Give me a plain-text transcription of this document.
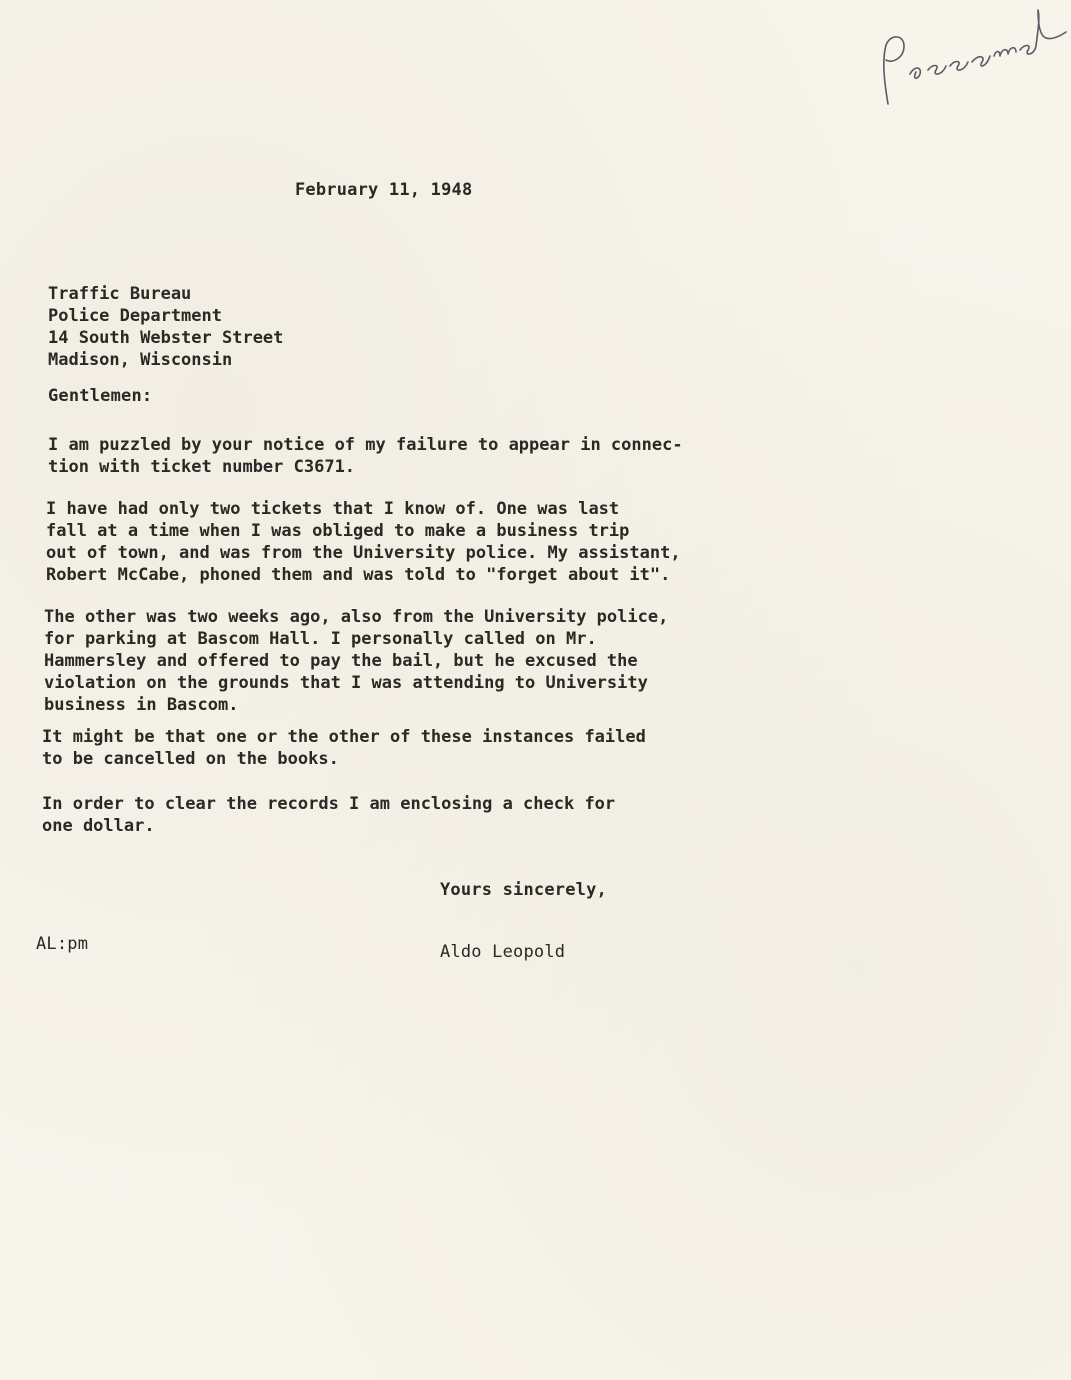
Personal
February 11, 1948
Traffic Bureau
Police Department
14 South Webster Street
Madison, Wisconsin
Gentlemen:
I am puzzled by your notice of my failure to appear in connec-
tion with ticket number C3671.
I have had only two tickets that I know of. One was last
fall at a time when I was obliged to make a business trip
out of town, and was from the University police. My assistant,
Robert McCabe, phoned them and was told to "forget about it".
The other was two weeks ago, also from the University police,
for parking at Bascom Hall. I personally called on Mr.
Hammersley and offered to pay the bail, but he excused the
violation on the grounds that I was attending to University
business in Bascom.
It might be that one or the other of these instances failed
to be cancelled on the books.
In order to clear the records I am enclosing a check for
one dollar.
Yours sincerely,
AL:pm	Aldo Leopold
